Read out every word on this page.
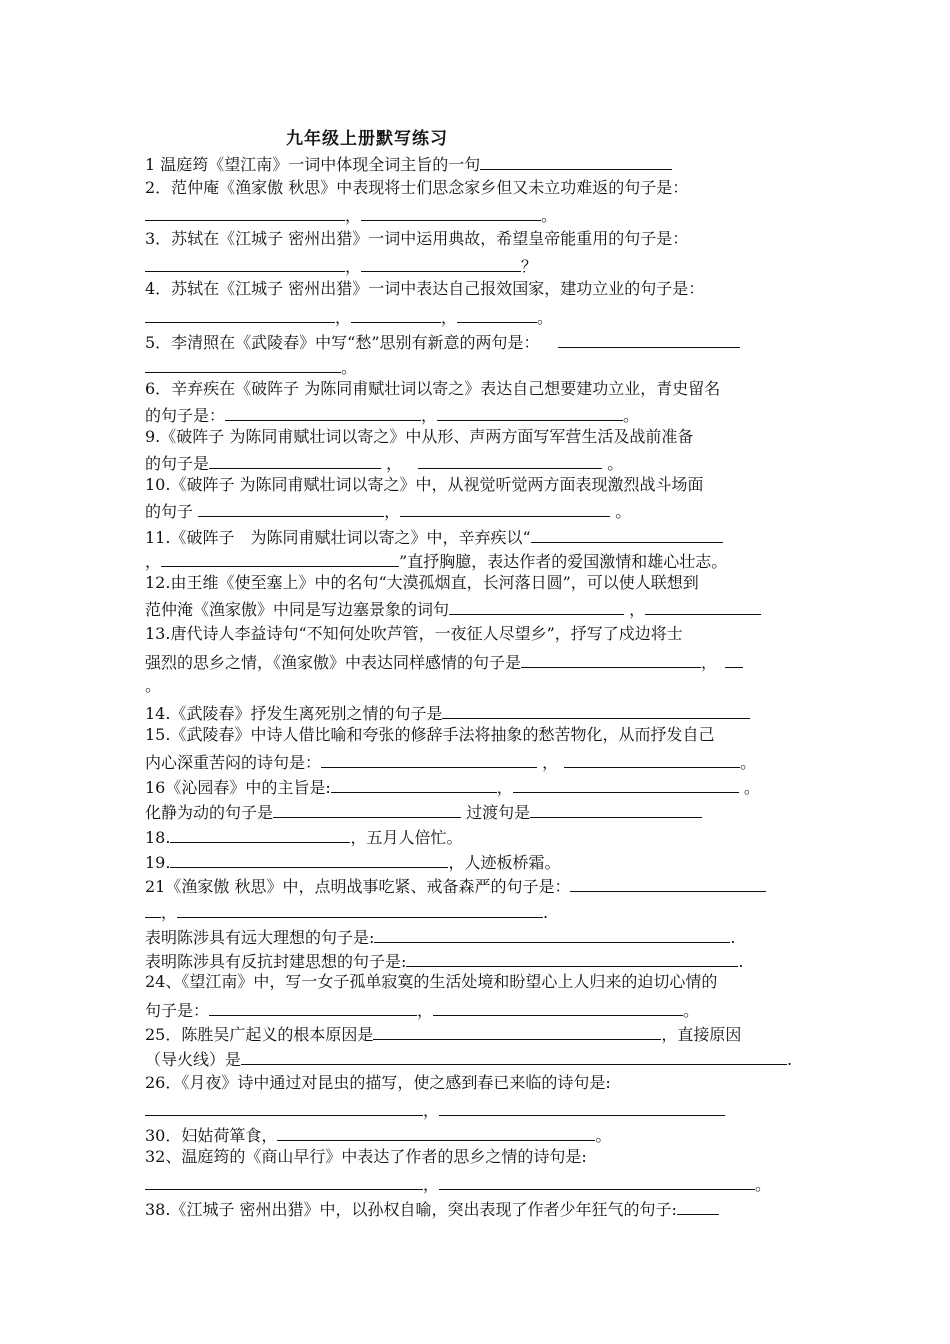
九年级上册默写练习
1 温庭筠《望江南》一词中体现全词主旨的一句
2．范仲庵《渔家傲 秋思》中表现将士们思念家乡但又未立功难返的句子是：
，	。
3．苏轼在《江城子 密州出猎》一词中运用典故，希望皇帝能重用的句子是：
，	？
4．苏轼在《江城子 密州出猎》一词中表达自己报效国家，建功立业的句子是：
，	，	。
5．李清照在《武陵春》中写“愁”思别有新意的两句是：
。
6．辛弃疾在《破阵子 为陈同甫赋壮词以寄之》表达自己想要建功立业，青史留名
的句子是：	，	。
9.《破阵子 为陈同甫赋壮词以寄之》中从形、声两方面写军营生活及战前准备
的句子是	，	。
10.《破阵子 为陈同甫赋壮词以寄之》中，从视觉听觉两方面表现激烈战斗场面
的句子	，	。
11.《破阵子　为陈同甫赋壮词以寄之》中，辛弃疾以“
，	”直抒胸臆，表达作者的爱国激情和雄心壮志。
12.由王维《使至塞上》中的名句“大漠孤烟直，长河落日圆”，可以使人联想到
范仲淹《渔家傲》中同是写边塞景象的词句	，
13.唐代诗人李益诗句“不知何处吹芦管，一夜征人尽望乡”，抒写了戍边将士
强烈的思乡之情，《渔家傲》中表达同样感情的句子是	，
。
14.《武陵春》抒发生离死别之情的句子是
15.《武陵春》中诗人借比喻和夸张的修辞手法将抽象的愁苦物化，从而抒发自己
内心深重苦闷的诗句是：	，	。
16《沁园春》中的主旨是:	，	。
化静为动的句子是	过渡句是
18.	，五月人倍忙。
19.	，人迹板桥霜。
21《渔家傲 秋思》中，点明战事吃紧、戒备森严的句子是：
，	.
表明陈涉具有远大理想的句子是:	.
表明陈涉具有反抗封建思想的句子是:	.
24、《望江南》中，写一女子孤单寂寞的生活处境和盼望心上人归来的迫切心情的
句子是：	，	。
25．陈胜吴广起义的根本原因是	，直接原因
（导火线）是	.
26．《月夜》诗中通过对昆虫的描写，使之感到春已来临的诗句是:
，
30．妇姑荷箪食，	。
32、温庭筠的《商山早行》中表达了作者的思乡之情的诗句是:
，	。
38.《江城子 密州出猎》中，以孙权自喻，突出表现了作者少年狂气的句子:
